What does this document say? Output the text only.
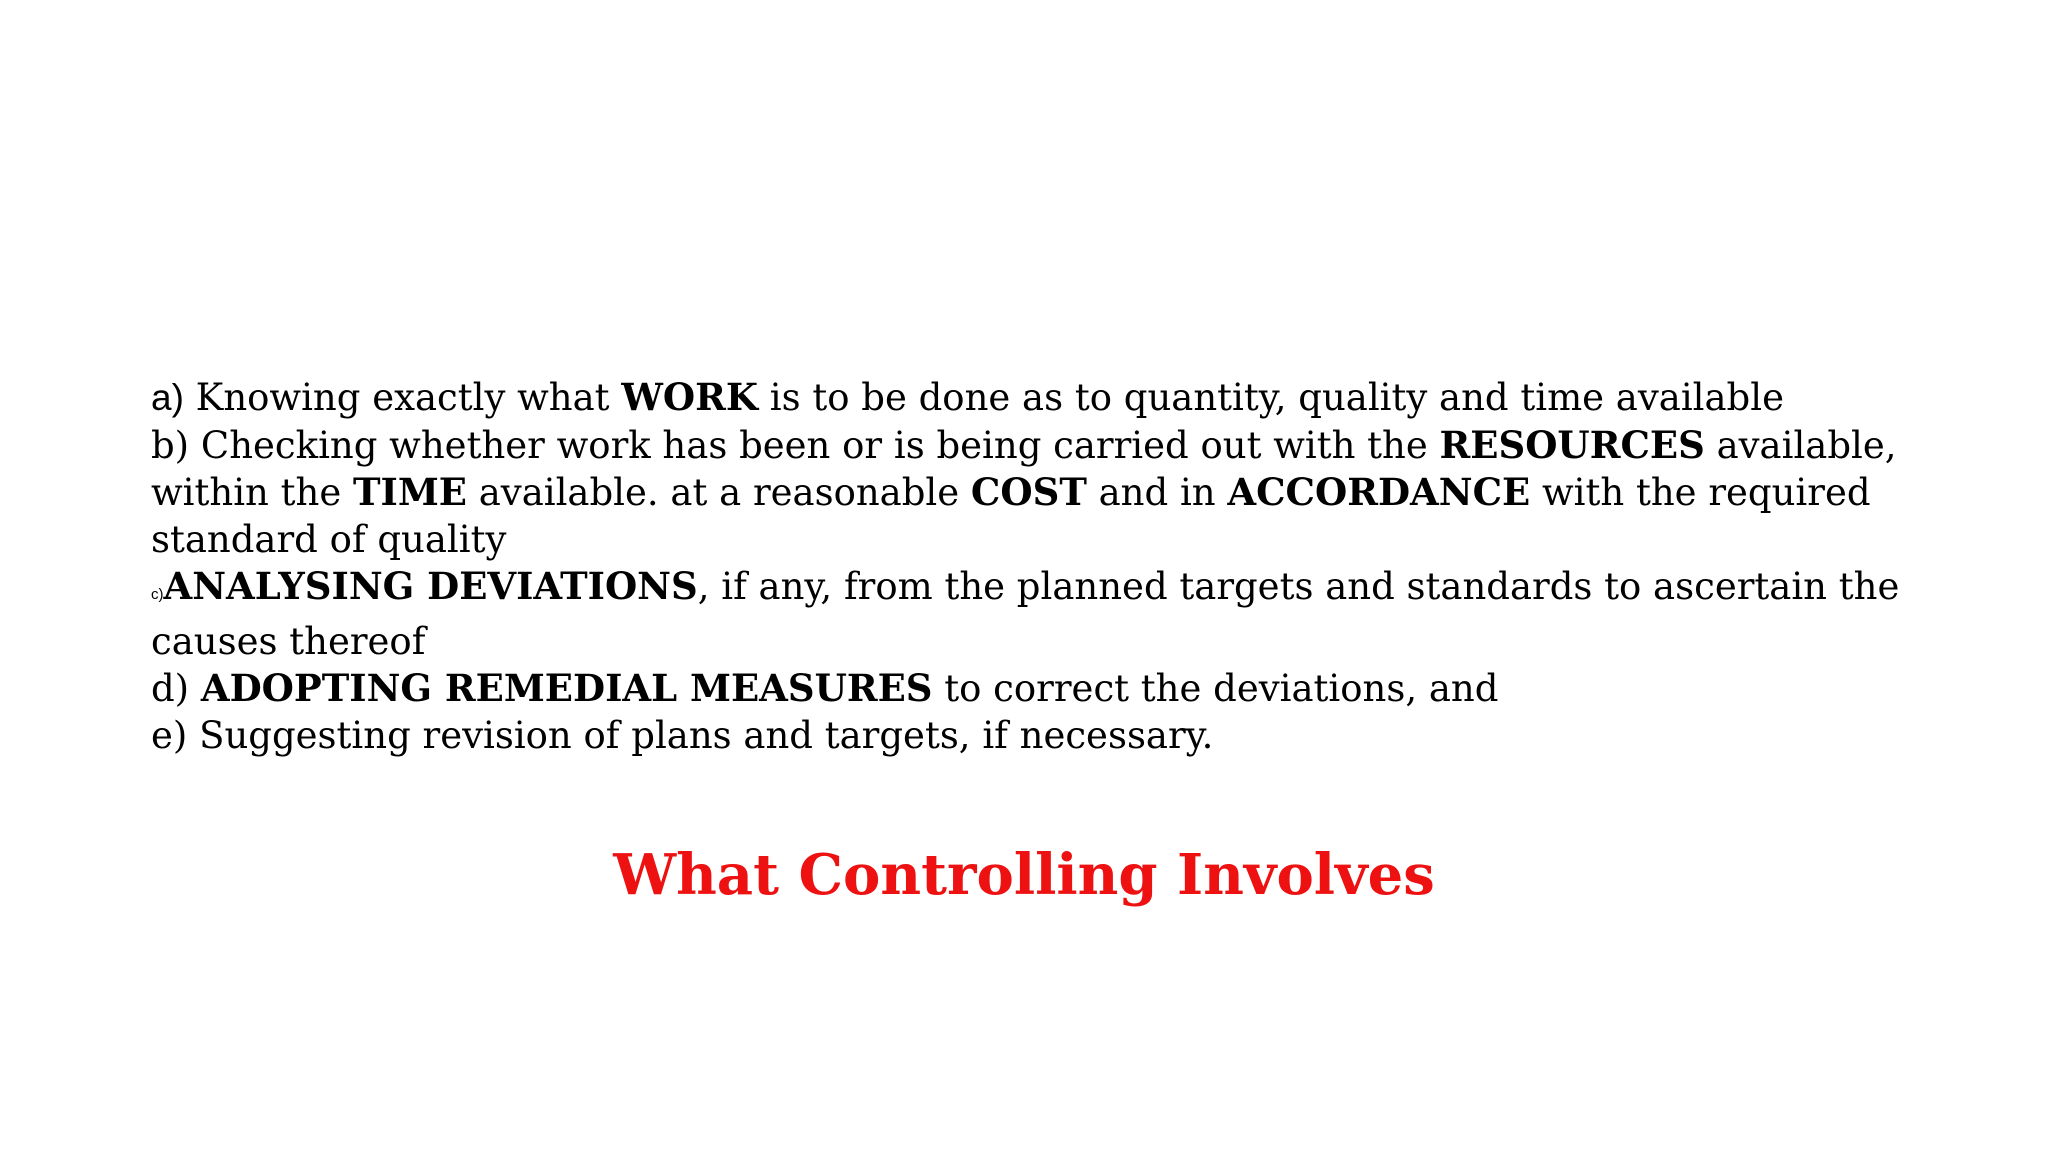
a) Knowing exactly what WORK is to be done as to quantity, quality and time available
b) Checking whether work has been or is being carried out with the RESOURCES available, within the TIME available. at a reasonable COST and in ACCORDANCE with the required standard of quality
c)ANALYSING DEVIATIONS, if any, from the planned targets and standards to ascertain the causes thereof
d) ADOPTING REMEDIAL MEASURES to correct the deviations, and
e) Suggesting revision of plans and targets, if necessary.
What Controlling Involves
